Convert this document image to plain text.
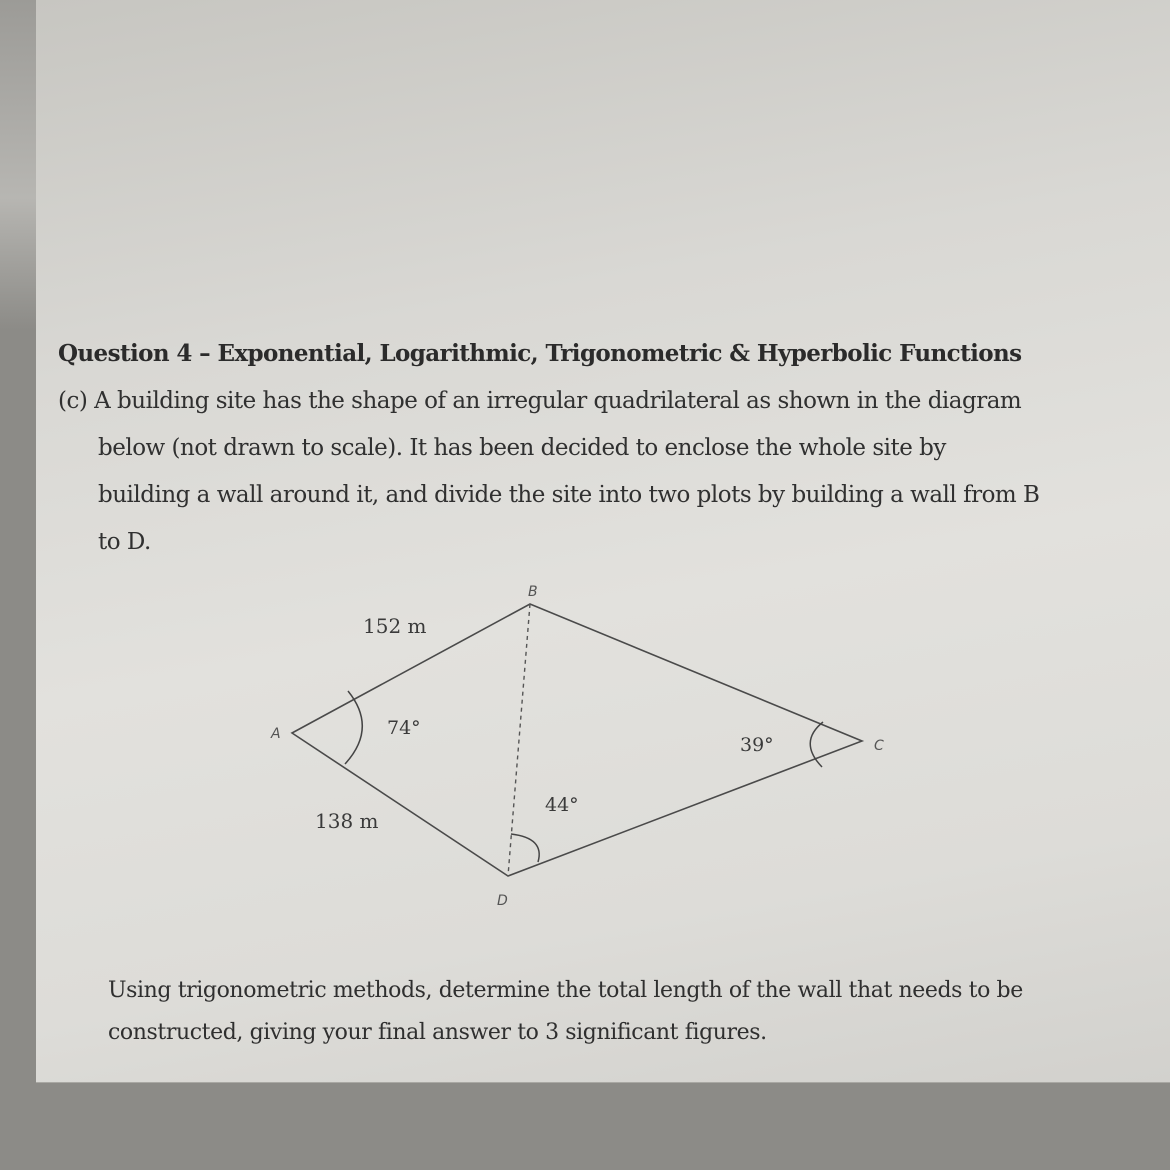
Question 4 – Exponential, Logarithmic, Trigonometric & Hyperbolic Functions
(c) A building site has the shape of an irregular quadrilateral as shown in the diagram
below (not drawn to scale). It has been decided to enclose the whole site by
building a wall around it, and divide the site into two plots by building a wall from B
to D.
A
B
C
D
152 m
138 m
74°
39°
44°
Using trigonometric methods, determine the total length of the wall that needs to be
constructed, giving your final answer to 3 significant figures.
